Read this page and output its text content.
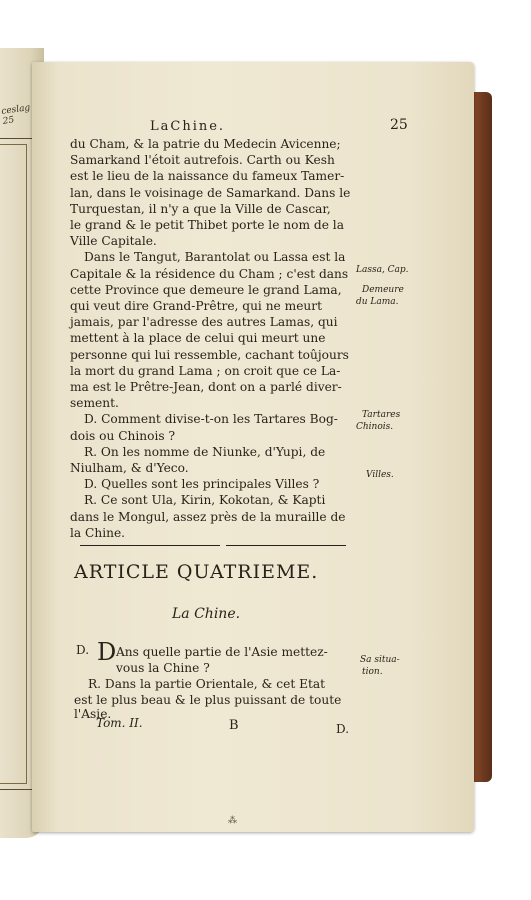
ceslag 25	LaChine.	25
du Cham, & la patrie du Medecin Avicenne;
Samarkand l'étoit autrefois. Carth ou Kesh
est le lieu de la naissance du fameux Tamer-
lan, dans le voisinage de Samarkand. Dans le
Turquestan, il n'y a que la Ville de Cascar,
le grand & le petit Thibet porte le nom de la
Ville Capitale.
Dans le Tangut, Barantolat ou Lassa est la
Capitale & la résidence du Cham ; c'est dans
cette Province que demeure le grand Lama,
qui veut dire Grand-Prêtre, qui ne meurt
jamais, par l'adresse des autres Lamas, qui
mettent à la place de celui qui meurt une
personne qui lui ressemble, cachant toûjours
la mort du grand Lama ; on croit que ce La-
ma est le Prêtre-Jean, dont on a parlé diver-
sement.
D. Comment divise-t-on les Tartares Bog-
dois ou Chinois ?
R. On les nomme de Niunke, d'Yupi, de
Niulham, & d'Yeco.
D. Quelles sont les principales Villes ?
R. Ce sont Ula, Kirin, Kokotan, & Kapti
dans le Mongul, assez près de la muraille de
la Chine.
Lassa, Cap.
Demeure
du Lama.
Tartares
Chinois.
Villes.
ARTICLE QUATRIEME.
La Chine.
D. D Ans quelle partie de l'Asie mettez-
vous la Chine ?
R. Dans la partie Orientale, & cet Etat
est le plus beau & le plus puissant de toute
l'Asie.
Sa situa-
tion.
Tom. II.	B	D.
⁂
